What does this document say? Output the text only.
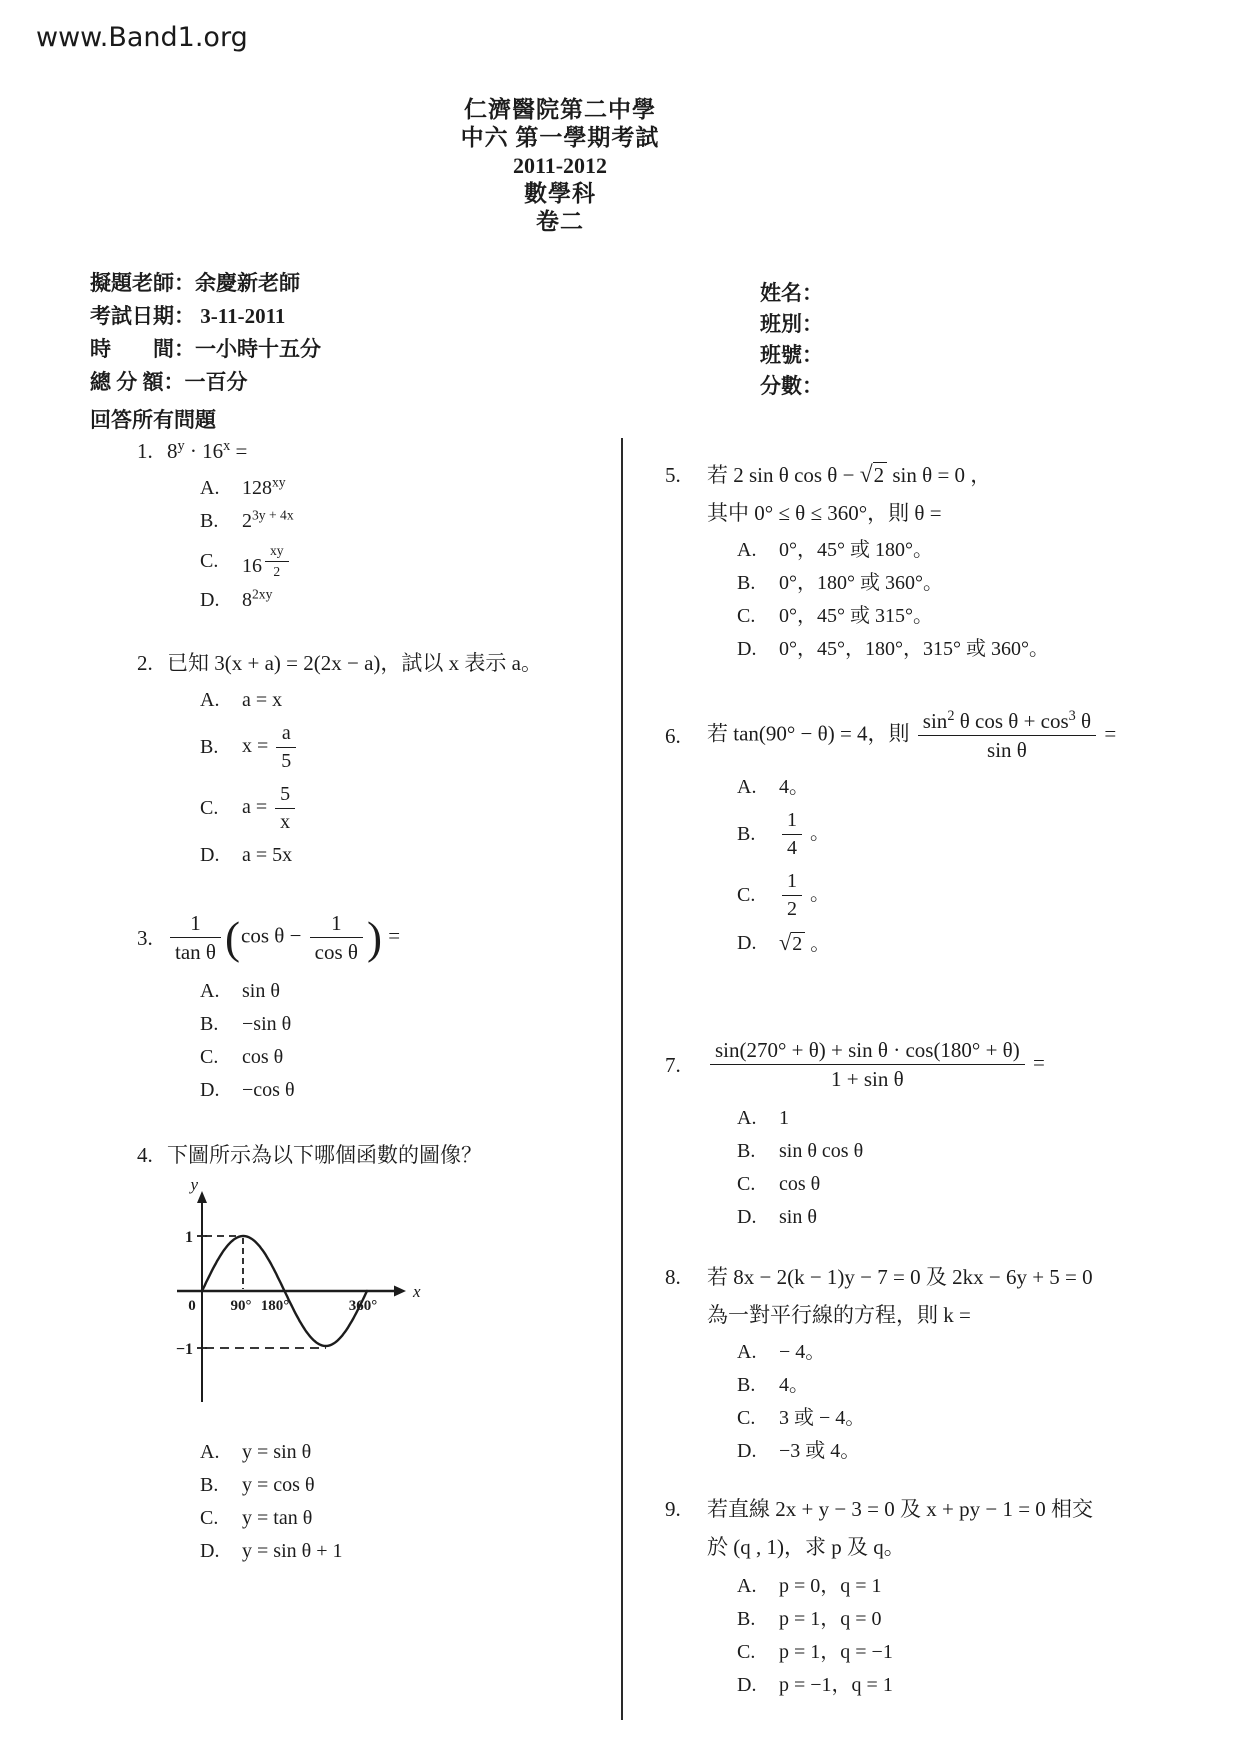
www.Band1.org
仁濟醫院第二中學
中六 第一學期考試
2011-2012
數學科
卷二
擬題老師：余慶新老師
考試日期： 3-11-2011
時　　間：一小時十五分
總 分 額：一百分
回答所有問題
姓名：
班別：
班號：
分數：
1. $8^y \cdot 16^x$ =
A.	$128^{xy}$
B.	$2^{3y + 4x}$
C.	16 $^{\frac{xy}{2}}$
D.	$8^{2xy}$
2. 已知 3(x + a) = 2(2x − a)，試以 x 表示 a。
A.	a = x
B.	$x = \frac{a}{5}$
C.	$a = \frac{5}{x}$
D.	a = 5x
3. $\frac{1}{\text{tan θ}} (\cos$ $\theta - \frac{1}{\text{cos θ}}$ ) =
A.	sin θ
B.	−sin θ
C.	cos θ
D.	−cos θ
4. 下圖所示為以下哪個函數的圖像？
y
x
1
−1
0 90° 180°	360°
A.	y = sin θ
B.	y = cos θ
C.	y = tan θ
D.	y = sin θ + 1
5.	若 2 sin θ cos θ − √2 sin θ = 0 ，
其中 0° ≤ θ ≤ 360°，則 θ =
A.	0°，45° 或 180°。
B.	0°，180° 或 360°。
C.	0°，45° 或 315°。
D.	0°，45°，180°，315° 或 360°。
6.	若 tan(90° − θ) = 4，則 $\frac{\sin^2 \theta \cos \theta + \cos^3 \theta}{\text{sin θ}}$ =
A.	4。
B.	$\frac{1}{4}$ 。
C.	$\frac{1}{2}$ 。
D.	√2 。
7.	$\frac{\text{sin(270° + θ) + sin θ · cos(180° + θ)}}{\text{1 + sin θ}}$ =
A.	1
B.	sin θ cos θ
C.	cos θ
D.	sin θ
8.	若 8x − 2(k − 1)y − 7 = 0 及 2kx − 6y + 5 = 0
為一對平行線的方程，則 k =
A.	− 4。
B.	4。
C.	3 或 − 4。
D.	−3 或 4。
9.	若直線 2x + y − 3 = 0 及 x + py − 1 = 0 相交
於 (q , 1)，求 p 及 q。
A.	p = 0，q = 1
B.	p = 1，q = 0
C.	p = 1，q = −1
D.	p = −1，q = 1
